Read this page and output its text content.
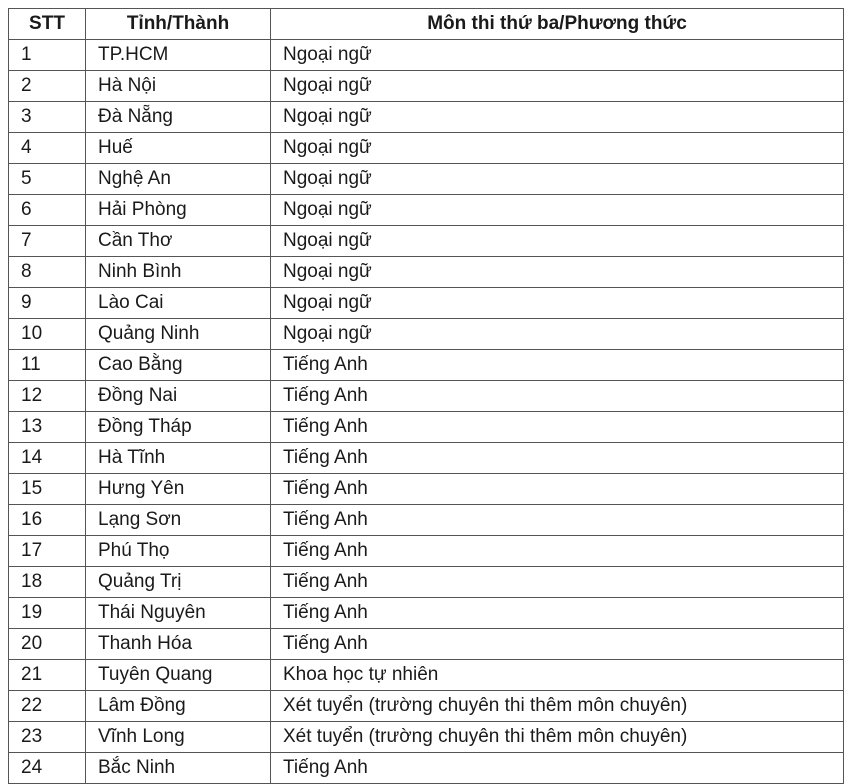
STT	Tỉnh/Thành	Môn thi thứ ba/Phương thức
1	TP.HCM	Ngoại ngữ
2	Hà Nội	Ngoại ngữ
3	Đà Nẵng	Ngoại ngữ
4	Huế	Ngoại ngữ
5	Nghệ An	Ngoại ngữ
6	Hải Phòng	Ngoại ngữ
7	Cần Thơ	Ngoại ngữ
8	Ninh Bình	Ngoại ngữ
9	Lào Cai	Ngoại ngữ
10	Quảng Ninh	Ngoại ngữ
11	Cao Bằng	Tiếng Anh
12	Đồng Nai	Tiếng Anh
13	Đồng Tháp	Tiếng Anh
14	Hà Tĩnh	Tiếng Anh
15	Hưng Yên	Tiếng Anh
16	Lạng Sơn	Tiếng Anh
17	Phú Thọ	Tiếng Anh
18	Quảng Trị	Tiếng Anh
19	Thái Nguyên	Tiếng Anh
20	Thanh Hóa	Tiếng Anh
21	Tuyên Quang	Khoa học tự nhiên
22	Lâm Đồng	Xét tuyển (trường chuyên thi thêm môn chuyên)
23	Vĩnh Long	Xét tuyển (trường chuyên thi thêm môn chuyên)
24	Bắc Ninh	Tiếng Anh
